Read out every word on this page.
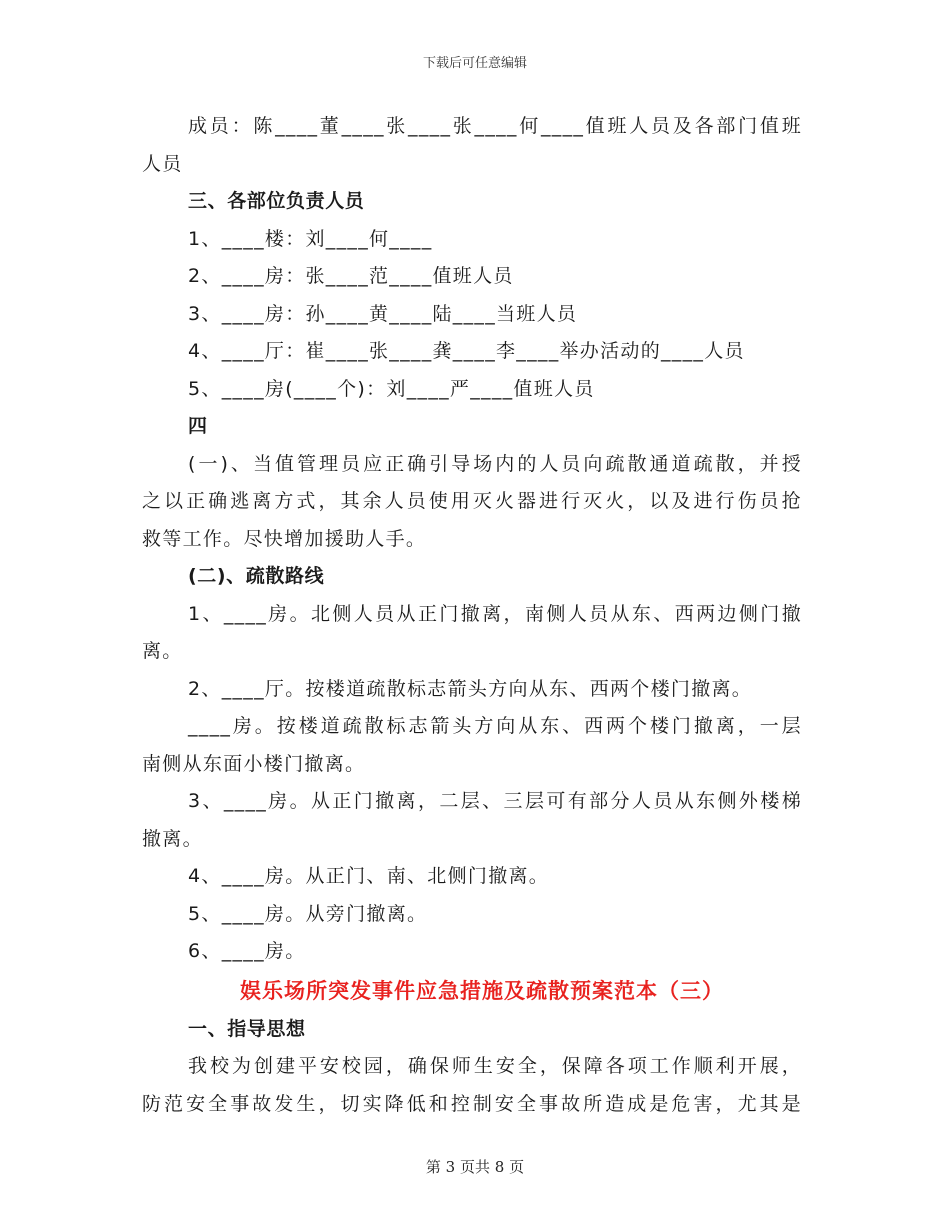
下载后可任意编辑
成员：陈____董____张____张____何____值班人员及各部门值班
人员
三、各部位负责人员
1、____楼：刘____何____
2、____房：张____范____值班人员
3、____房：孙____黄____陆____当班人员
4、____厅：崔____张____龚____李____举办活动的____人员
5、____房(____个)：刘____严____值班人员
四
(一)、当值管理员应正确引导场内的人员向疏散通道疏散，并授
之以正确逃离方式，其余人员使用灭火器进行灭火，以及进行伤员抢
救等工作。尽快增加援助人手。
(二)、疏散路线
1、____房。北侧人员从正门撤离，南侧人员从东、西两边侧门撤
离。
2、____厅。按楼道疏散标志箭头方向从东、西两个楼门撤离。
____房。按楼道疏散标志箭头方向从东、西两个楼门撤离，一层
南侧从东面小楼门撤离。
3、____房。从正门撤离，二层、三层可有部分人员从东侧外楼梯
撤离。
4、____房。从正门、南、北侧门撤离。
5、____房。从旁门撤离。
6、____房。
娱乐场所突发事件应急措施及疏散预案范本（三）
一、指导思想
我校为创建平安校园，确保师生安全，保障各项工作顺利开展，
防范安全事故发生，切实降低和控制安全事故所造成是危害，尤其是
第 3 页共 8 页
